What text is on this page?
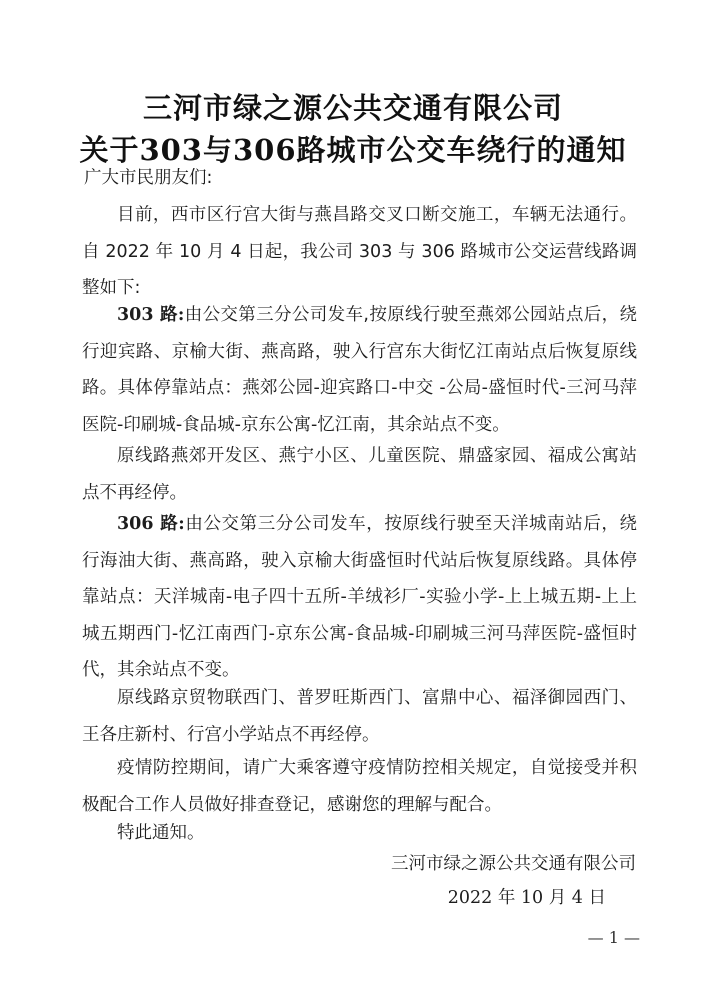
三河市绿之源公共交通有限公司
关于303与306路城市公交车绕行的通知
广大市民朋友们:
目前，西市区行宫大街与燕昌路交叉口断交施工，车辆无法通行。自 2022 年 10 月 4 日起，我公司 303 与 306 路城市公交运营线路调整如下:
303 路:由公交第三分公司发车,按原线行驶至燕郊公园站点后，绕行迎宾路、京榆大街、燕高路，驶入行宫东大街忆江南站点后恢复原线路。具体停靠站点：燕郊公园-迎宾路口-中交 -公局-盛恒时代-三河马萍医院-印刷城-食品城-京东公寓-忆江南，其余站点不变。
原线路燕郊开发区、燕宁小区、儿童医院、鼎盛家园、福成公寓站点不再经停。
306 路:由公交第三分公司发车，按原线行驶至天洋城南站后，绕行海油大街、燕高路，驶入京榆大街盛恒时代站后恢复原线路。具体停靠站点：天洋城南-电子四十五所-羊绒衫厂-实验小学-上上城五期-上上城五期西门-忆江南西门-京东公寓-食品城-印刷城三河马萍医院-盛恒时代，其余站点不变。
原线路京贸物联西门、普罗旺斯西门、富鼎中心、福泽御园西门、王各庄新村、行宫小学站点不再经停。
疫情防控期间，请广大乘客遵守疫情防控相关规定，自觉接受并积极配合工作人员做好排查登记，感谢您的理解与配合。
特此通知。
三河市绿之源公共交通有限公司
2022 年 10 月 4 日
— 1 —
